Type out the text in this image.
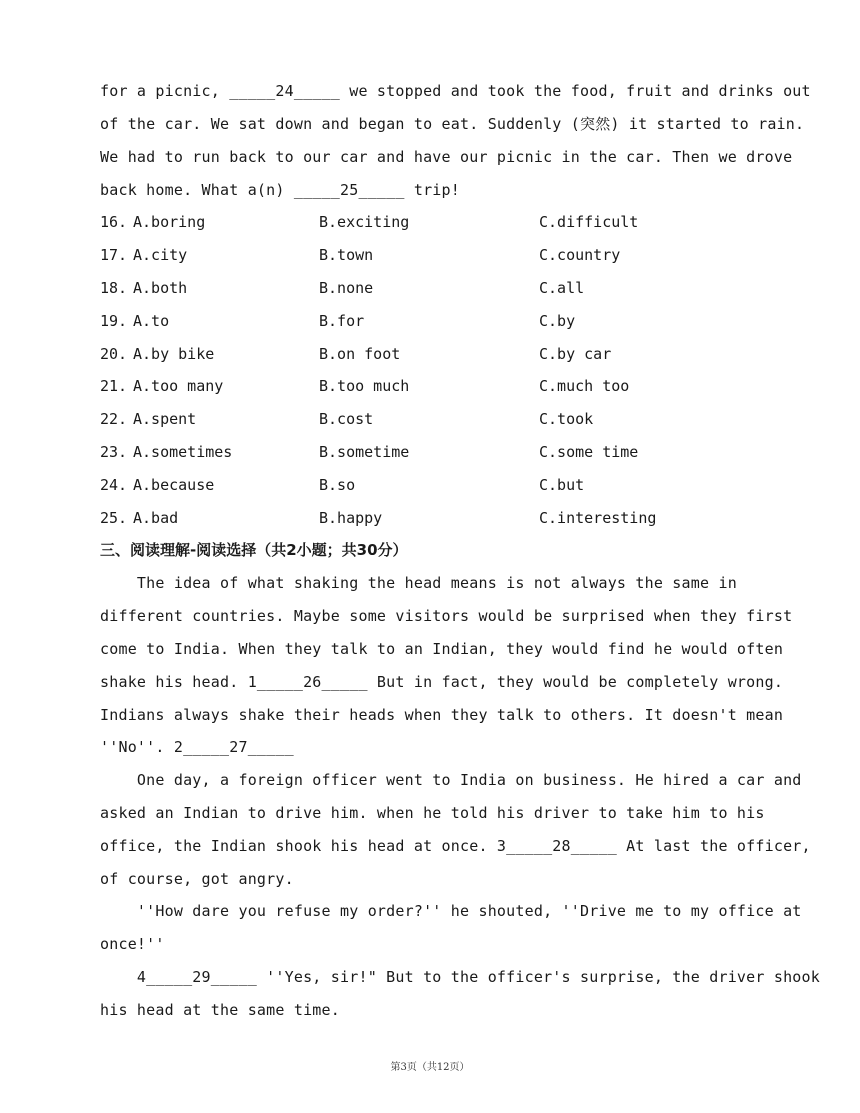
for a picnic, _____24_____ we stopped and took the food, fruit and drinks out
of the car. We sat down and began to eat. Suddenly (突然) it started to rain.
We had to run back to our car and have our picnic in the car. Then we drove
back home. What a(n) _____25_____ trip!
16. A.boring	B.exciting	C.difficult
17. A.city	B.town	C.country
18. A.both	B.none	C.all
19. A.to	B.for	C.by
20. A.by bike	B.on foot	C.by car
21. A.too many	B.too much	C.much too
22. A.spent	B.cost	C.took
23. A.sometimes	B.sometime	C.some time
24. A.because	B.so	C.but
25. A.bad	B.happy	C.interesting
三、阅读理解-阅读选择（共2小题；共30分）
The idea of what shaking the head means is not always the same in
different countries. Maybe some visitors would be surprised when they first
come to India. When they talk to an Indian, they would find he would often
shake his head. 1_____26_____ But in fact, they would be completely wrong.
Indians always shake their heads when they talk to others. It doesn't mean
''No''. 2_____27_____
One day, a foreign officer went to India on business. He hired a car and
asked an Indian to drive him. when he told his driver to take him to his
office, the Indian shook his head at once. 3_____28_____ At last the officer,
of course, got angry.
''How dare you refuse my order?'' he shouted, ''Drive me to my office at
once!''
4_____29_____ ''Yes, sir!" But to the officer's surprise, the driver shook
his head at the same time.
第3页（共12页）
